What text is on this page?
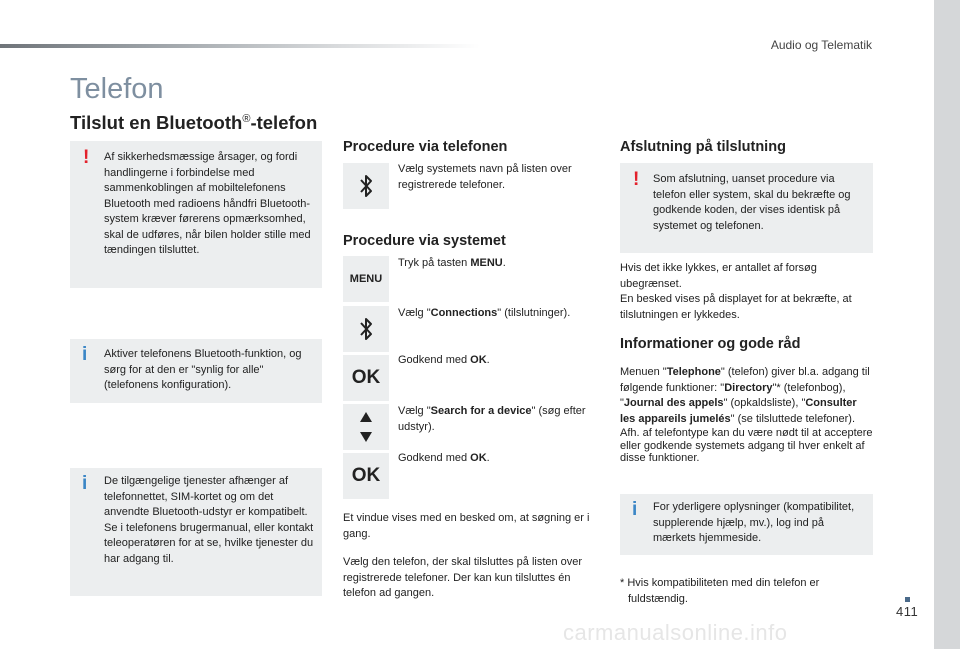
Audio og Telematik
411
carmanualsonline.info
Telefon
Tilslut en Bluetooth®-telefon
! Af sikkerhedsmæssige årsager, og fordi handlingerne i forbindelse med sammenkoblingen af mobiltelefonens Bluetooth med radioens håndfri Bluetooth-system kræver førerens opmærksomhed, skal de udføres, når bilen holder stille med tændingen tilsluttet.
i Aktiver telefonens Bluetooth-funktion, og sørg for at den er "synlig for alle" (telefonens konfiguration).
i De tilgængelige tjenester afhænger af telefonnettet, SIM-kortet og om det anvendte Bluetooth-udstyr er kompatibelt.
Se i telefonens brugermanual, eller kontakt teleoperatøren for at se, hvilke tjenester du har adgang til.
Procedure via telefonen
Vælg systemets navn på listen over registrerede telefoner.
Procedure via systemet
MENU
Tryk på tasten MENU.
Vælg "Connections" (tilslutninger).
OK
Godkend med OK.
Vælg "Search for a device" (søg efter udstyr).
OK
Godkend med OK.
Et vindue vises med en besked om, at søgning er i gang.
Vælg den telefon, der skal tilsluttes på listen over registrerede telefoner. Der kan kun tilsluttes én telefon ad gangen.
Afslutning på tilslutning
! Som afslutning, uanset procedure via telefon eller system, skal du bekræfte og godkende koden, der vises identisk på systemet og telefonen.
Hvis det ikke lykkes, er antallet af forsøg ubegrænset.
En besked vises på displayet for at bekræfte, at tilslutningen er lykkedes.
Informationer og gode råd
Menuen "Telephone" (telefon) giver bl.a. adgang til følgende funktioner: "Directory"* (telefonbog), "Journal des appels" (opkaldsliste), "Consulter les appareils jumelés" (se tilsluttede telefoner).
Afh. af telefontype kan du være nødt til at acceptere eller godkende systemets adgang til hver enkelt af disse funktioner.
i For yderligere oplysninger (kompatibilitet, supplerende hjælp, mv.), log ind på mærkets hjemmeside.
* Hvis kompatibiliteten med din telefon er fuldstændig.
